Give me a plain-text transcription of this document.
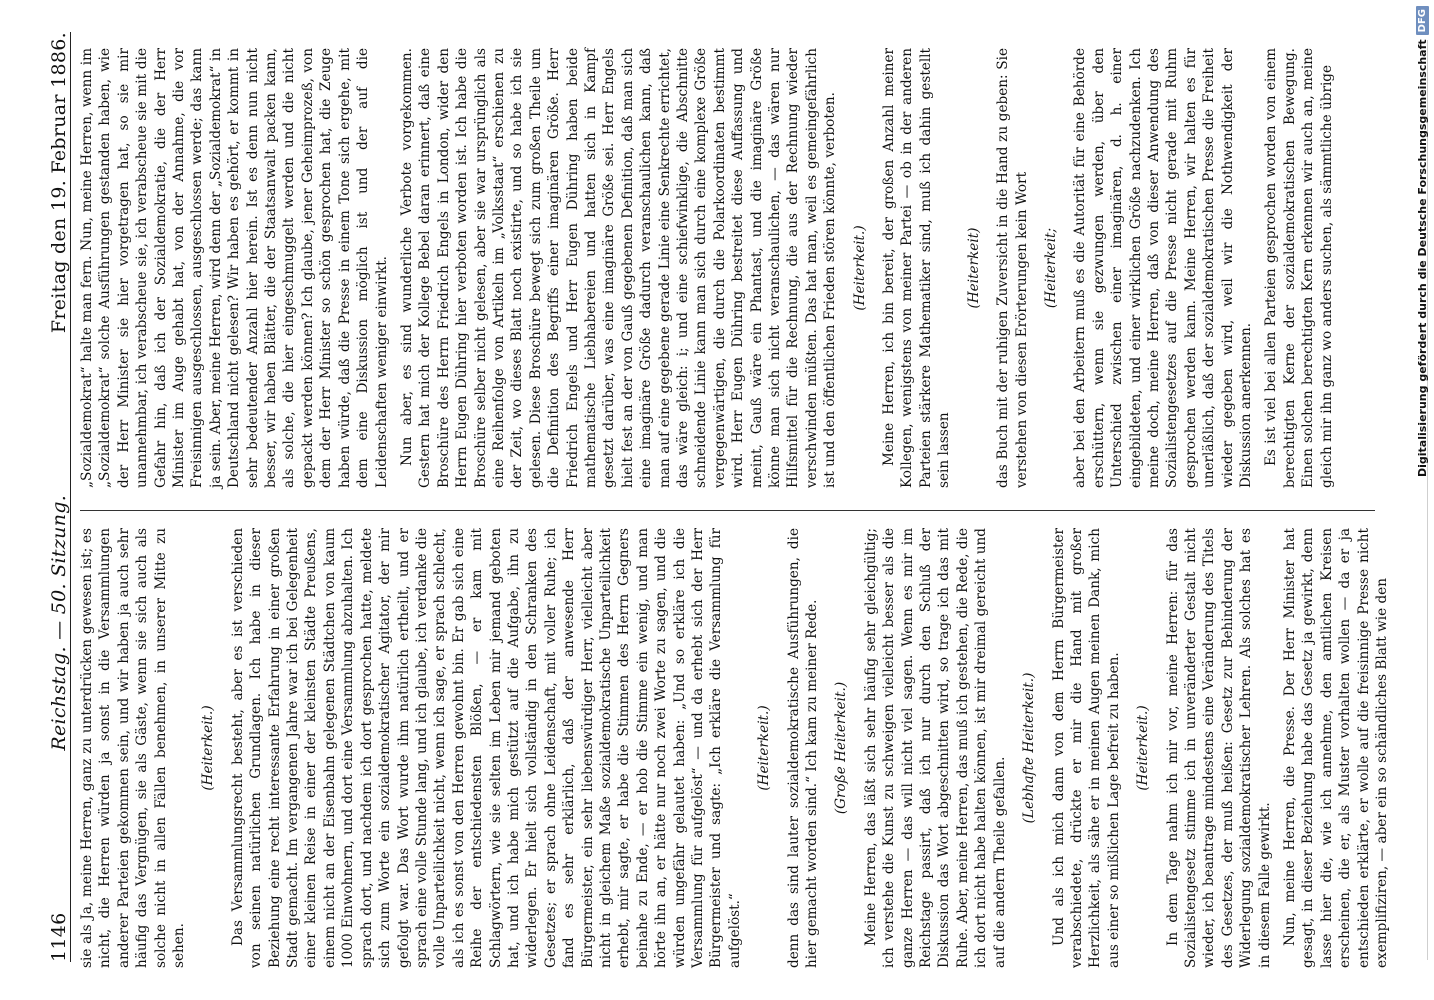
1146
Reichstag. — 50. Sitzung.
Freitag den 19. Februar 1886.

sie als Ja, meine Herren, ganz zu unterdrücken gewesen ist; es nicht, die Herren würden ja sonst in die Versammlungen anderer Parteien gekommen sein, und wir haben ja auch sehr häufig das Vergnügen, sie als Gäste, wenn sie sich auch als solche nicht in allen Fällen benehmen, in unserer Mitte zu sehen.

(Heiterkeit.) Das Versammlungsrecht besteht, aber es ist verschieden von seinen natürlichen Grundlagen. Ich habe in dieser Beziehung eine recht interessante Erfahrung in einer großen Stadt gemacht. Im vergangenen Jahre war ich bei Gelegenheit einer kleinen Reise in einer der kleinsten Städte Preußens, einem nicht an der Eisenbahn gelegenen Städtchen von kaum 1000 Einwohnern, und dort eine Versammlung abzuhalten. Ich sprach dort, und nachdem ich dort gesprochen hatte, meldete sich zum Worte ein sozialdemokratischer Agitator, der mir gefolgt war. Das Wort wurde ihm natürlich ertheilt, und er sprach eine volle Stunde lang, und ich glaube, ich verdanke die volle Unparteilichkeit nicht, wenn ich sage, er sprach schlecht, als ich es sonst von den Herren gewohnt bin. Er gab sich eine Reihe der entschiedensten Blößen, — er kam mit Schlagwörtern, wie sie selten im Leben mir jemand geboten hat, und ich habe mich gestützt auf die Aufgabe, ihn zu widerlegen. Er hielt sich vollständig in den Schranken des Gesetzes; er sprach ohne Leidenschaft, mit voller Ruhe; ich fand es sehr erklärlich, daß der anwesende Herr Bürgermeister, ein sehr liebenswürdiger Herr, vielleicht aber nicht in gleichem Maße sozialdemokratische Unparteilichkeit erhebt, mir sagte, er habe die Stimmen des Herrn Gegners beinahe zu Ende, — er hob die Stimme ein wenig, und man hörte ihn an, er hätte nur noch zwei Worte zu sagen, und die würden ungefähr gelautet haben: „Und so erkläre ich die Versammlung für aufgelöst“ — und da erhebt sich der Herr Bürgermeister und sagte: „Ich erkläre die Versammlung für aufgelöst.“

(Heiterkeit.) denn das sind lauter sozialdemokratische Ausführungen, die hier gemacht worden sind.“ Ich kam zu meiner Rede. (Große Heiterkeit.) Meine Herren, das läßt sich sehr häufig sehr gleichgültig; ich verstehe die Kunst zu schweigen vielleicht besser als die ganze Herren — das will nicht viel sagen. Wenn es mir im Reichstage passirt, daß ich nur durch den Schluß der Diskussion das Wort abgeschnitten wird, so trage ich das mit Ruhe. Aber, meine Herren, das muß ich gestehen, die Rede, die ich dort nicht habe halten können, ist mir dreimal gereicht und auf die andern Theile gefallen.

(Lebhafte Heiterkeit.) Und als ich mich dann von dem Herrn Bürgermeister verabschiedete, drückte er mir die Hand mit großer Herzlichkeit, als sähe er in meinen Augen meinen Dank, mich aus einer so mißlichen Lage befreit zu haben. (Heiterkeit.) In dem Tage nahm ich mir vor, meine Herren: für das Sozialistengesetz stimme ich in unveränderter Gestalt nicht wieder, ich beantrage mindestens eine Veränderung des Titels des Gesetzes, der muß heißen: Gesetz zur Behinderung der Widerlegung sozialdemokratischer Lehren. Als solches hat es in diesem Falle gewirkt. Nun, meine Herren, die Presse. Der Herr Minister hat gesagt, in dieser Beziehung habe das Gesetz ja gewirkt, denn lasse hier die, wie ich annehme, den amtlichen Kreisen erscheinen, die er, als Muster vorhalten wollen — da er ja entschieden erklärte, er wolle auf die freisinnige Presse nicht exemplifiziren, — aber ein so schändliches Blatt wie den

„Sozialdemokrat“ halte man fern. Nun, meine Herren, wenn im „Sozialdemokrat“ solche Ausführungen gestanden haben, wie der Herr Minister sie hier vorgetragen hat, so sie mir unannehmbar, ich verabscheue sie, ich verabscheue sie mit die Gefahr hin, daß ich der Sozialdemokratie, die der Herr Minister im Auge gehabt hat, von der Annahme, die vor Freisinnigen ausgeschlossen, ausgeschlossen werde; das kann ja sein. Aber, meine Herren, wird denn der „Sozialdemokrat“ in Deutschland nicht gelesen? Wir haben es gehört, er kommt in sehr bedeutender Anzahl hier herein. Ist es denn nun nicht besser, wir haben Blätter, die der Staatsanwalt packen kann, als solche, die hier eingeschmuggelt werden und die nicht gepackt werden können? Ich glaube, jener Geheimprozeß, von dem der Herr Minister so schön gesprochen hat, die Zeuge haben würde, daß die Presse in einem Tone sich ergehe, mit dem eine Diskussion möglich ist und der auf die Leidenschaften weniger einwirkt. Nun aber, es sind wunderliche Verbote vorgekommen. Gestern hat mich der Kollege Bebel daran erinnert, daß eine Broschüre des Herrn Friedrich Engels in London, wider den Herrn Eugen Dühring hier verboten worden ist. Ich habe die Broschüre selber nicht gelesen, aber sie war ursprünglich als eine Reihenfolge von Artikeln im „Volksstaat“ erschienen zu der Zeit, wo dieses Blatt noch existirte, und so habe ich sie gelesen. Diese Broschüre bewegt sich zum großen Theile um die Definition des Begriffs einer imaginären Größe. Herr Friedrich Engels und Herr Eugen Dühring haben beide mathematische Liebhabereien und hatten sich in Kampf gesetzt darüber, was eine imaginäre Größe sei. Herr Engels hielt fest an der von Gauß gegebenen Definition, daß man sich eine imaginäre Größe dadurch veranschaulichen kann, daß man auf eine gegebene gerade Linie eine Senkrechte errichtet, das wäre gleich: i; und eine schiefwinklige, die Abschnitte schneidende Linie kann man sich durch eine komplexe Größe vergegenwärtigen, die durch die Polarkoordinaten bestimmt wird. Herr Eugen Dühring bestreitet diese Auffassung und meint, Gauß wäre ein Phantast, und die imaginäre Größe könne man sich nicht veranschaulichen, — das wären nur Hilfsmittel für die Rechnung, die aus der Rechnung wieder verschwinden müßten. Das hat man, weil es gemeingefährlich ist und den öffentlichen Frieden stören könnte, verboten. (Heiterkeit.) Meine Herren, ich bin bereit, der großen Anzahl meiner Kollegen, wenigstens von meiner Partei — ob in der anderen Parteien stärkere Mathematiker sind, muß ich dahin gestellt sein lassen

(Heiterkeit) das Buch mit der ruhigen Zuversicht in die Hand zu geben: Sie verstehen von diesen Erörterungen kein Wort (Heiterkeit; aber bei den Arbeitern muß es die Autorität für eine Behörde erschüttern, wenn sie gezwungen werden, über den Unterschied zwischen einer imaginären, d. h. einer eingebildeten, und einer wirklichen Größe nachzudenken. Ich meine doch, meine Herren, daß von dieser Anwendung des Sozialistengesetzes auf die Presse nicht gerade mit Ruhm gesprochen werden kann. Meine Herren, wir halten es für unerläßlich, daß der sozialdemokratischen Presse die Freiheit wieder gegeben wird, weil wir die Nothwendigkeit der Diskussion anerkennen. Es ist viel bei allen Parteien gesprochen worden von einem berechtigten Kerne der sozialdemokratischen Bewegung. Einen solchen berechtigten Kern erkennen wir auch an, meine gleich mir ihn ganz wo anders suchen, als sämmtliche übrige	Digitalisierung gefördert durch die Deutsche Forschungsgemeinschaft
DFG
